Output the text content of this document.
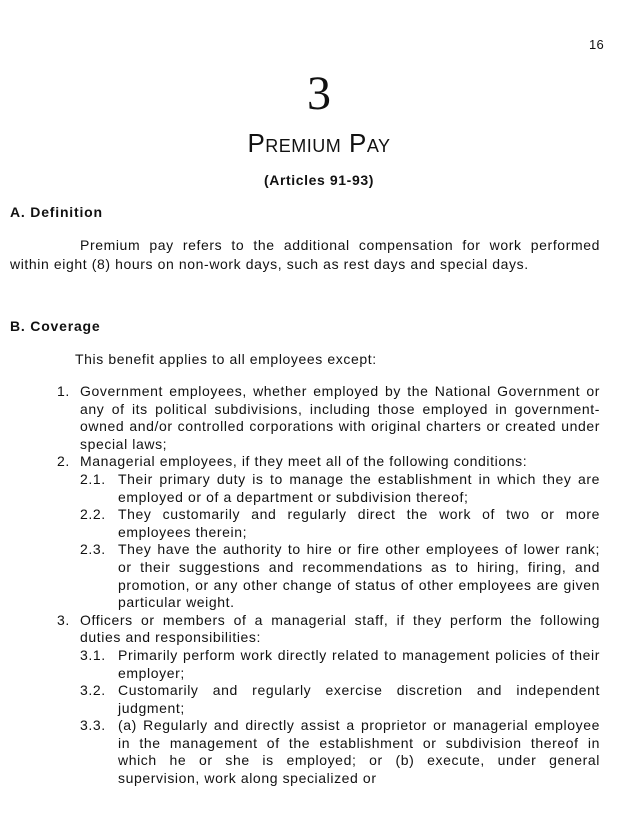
16
3
Premium Pay
(Articles 91-93)
A. Definition
Premium pay refers to the additional compensation for work performed within eight (8) hours on non-work days, such as rest days and special days.
B. Coverage
This benefit applies to all employees except:
1. Government employees, whether employed by the National Government or any of its political subdivisions, including those employed in government-owned and/or controlled corporations with original charters or created under special laws;
2. Managerial employees, if they meet all of the following conditions:
2.1. Their primary duty is to manage the establishment in which they are employed or of a department or subdivision thereof;
2.2. They customarily and regularly direct the work of two or more employees therein;
2.3. They have the authority to hire or fire other employees of lower rank; or their suggestions and recommendations as to hiring, firing, and promotion, or any other change of status of other employees are given particular weight.
3. Officers or members of a managerial staff, if they perform the following duties and responsibilities:
3.1. Primarily perform work directly related to management policies of their employer;
3.2. Customarily and regularly exercise discretion and independent judgment;
3.3. (a) Regularly and directly assist a proprietor or managerial employee in the management of the establishment or subdivision thereof in which he or she is employed; or (b) execute, under general supervision, work along specialized or
